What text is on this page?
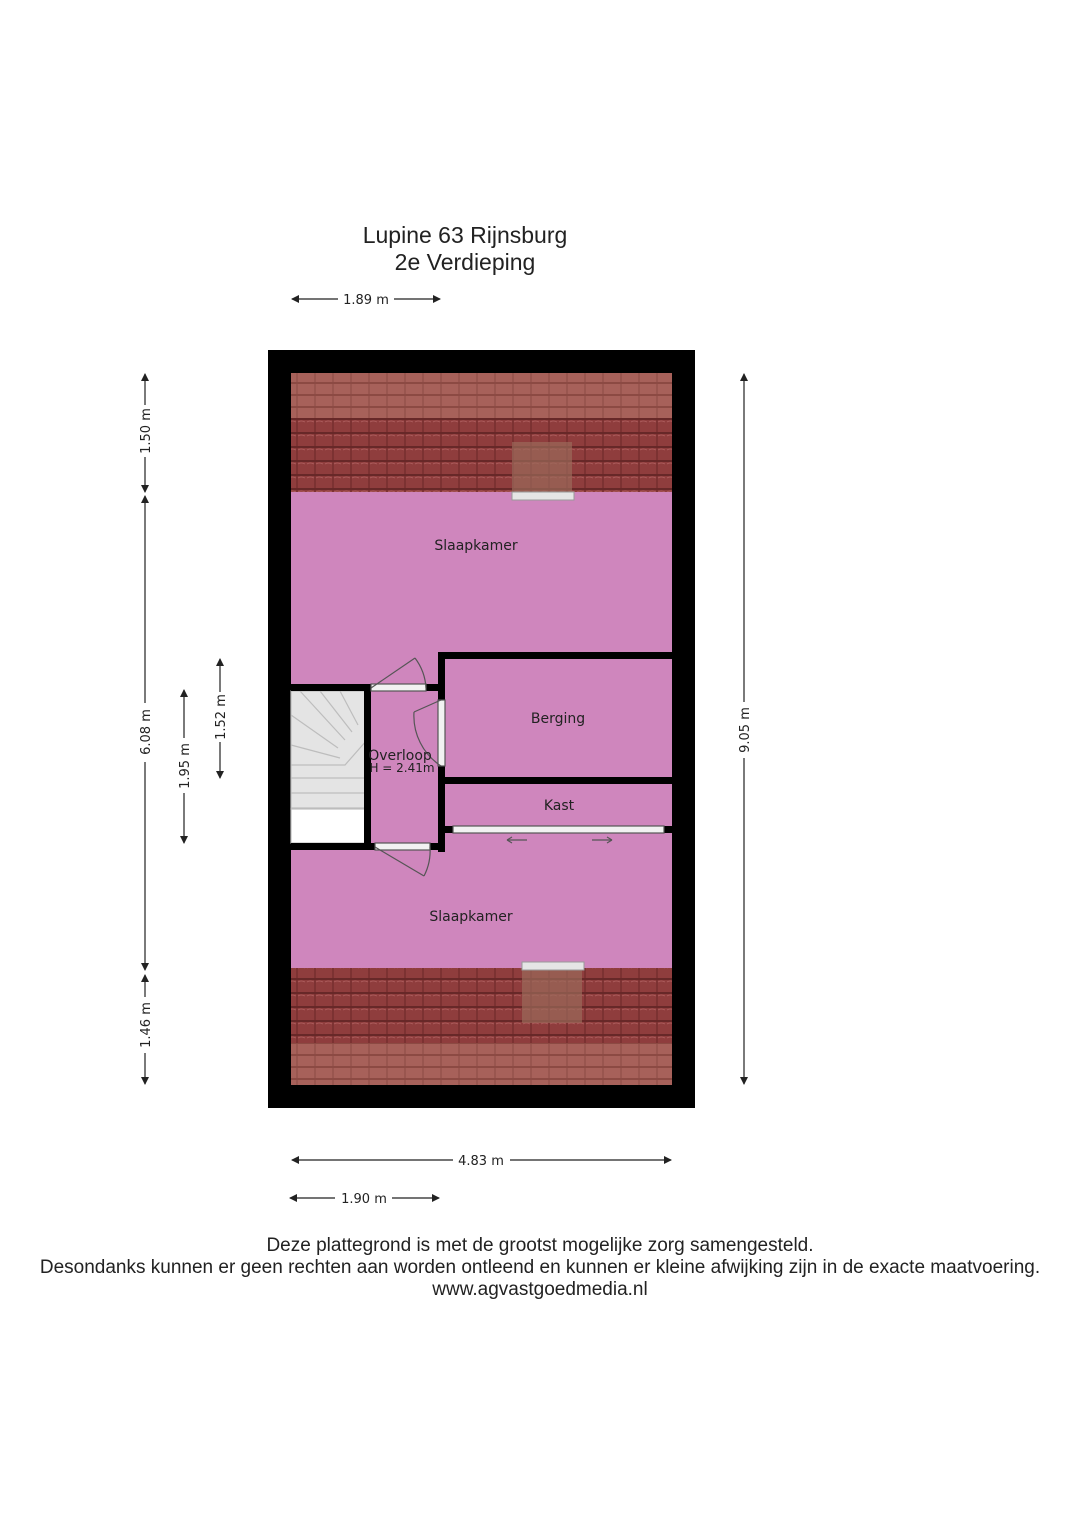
Lupine 63 Rijnsburg
2e Verdieping
Slaapkamer
Berging
Overloop
H = 2.41m
Kast
Slaapkamer
1.89 m
4.83 m
1.90 m
1.50 m
6.08 m
1.46 m
1.95 m
1.52 m	9.05 m
Deze plattegrond is met de grootst mogelijke zorg samengesteld.
Desondanks kunnen er geen rechten aan worden ontleend en kunnen er kleine afwijking zijn in de exacte maatvoering.
www.agvastgoedmedia.nl
